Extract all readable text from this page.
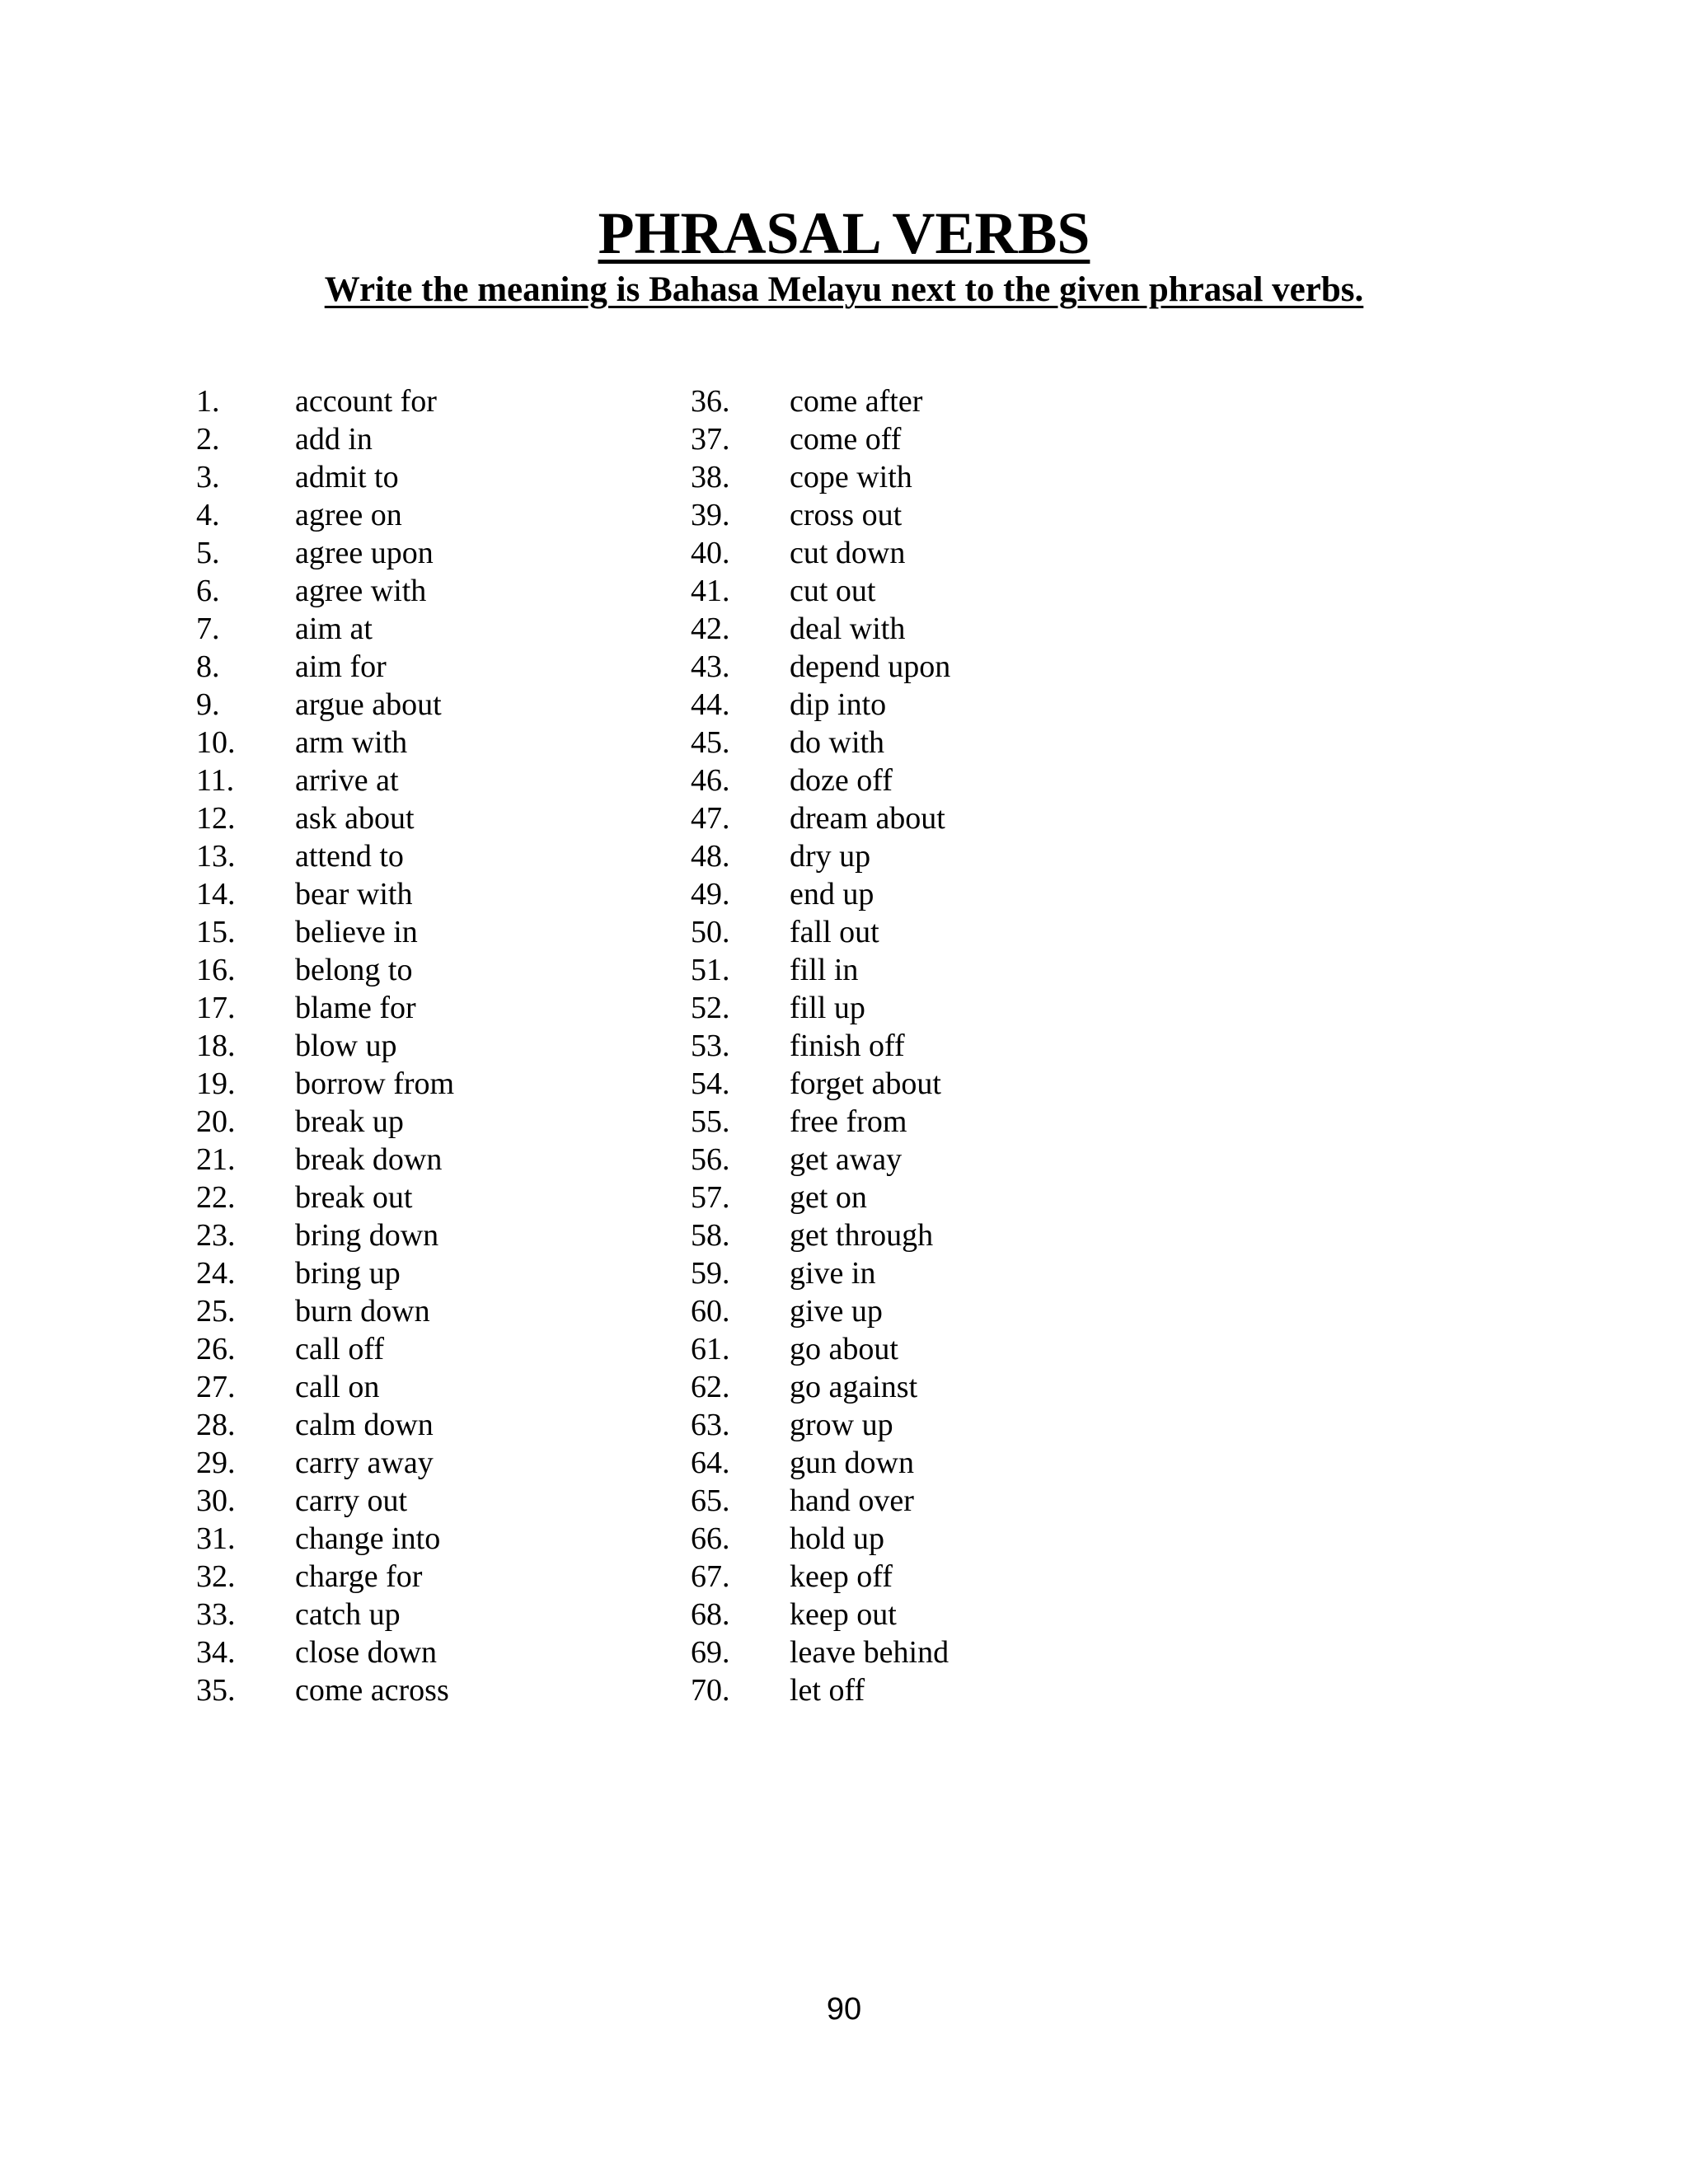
PHRASAL VERBS

Write the meaning is Bahasa Melayu next to the given phrasal verbs.

1. account for
2. add in
3. admit to
4. agree on
5. agree upon
6. agree with
7. aim at
8. aim for
9. argue about
10. arm with
11. arrive at
12. ask about
13. attend to
14. bear with
15. believe in
16. belong to
17. blame for
18. blow up
19. borrow from
20. break up
21. break down
22. break out
23. bring down
24. bring up
25. burn down
26. call off
27. call on
28. calm down
29. carry away
30. carry out
31. change into
32. charge for
33. catch up
34. close down
35. come across
36. come after
37. come off
38. cope with
39. cross out
40. cut down
41. cut out
42. deal with
43. depend upon
44. dip into
45. do with
46. doze off
47. dream about
48. dry up
49. end up
50. fall out
51. fill in
52. fill up
53. finish off
54. forget about
55. free from
56. get away
57. get on
58. get through
59. give in
60. give up
61. go about
62. go against
63. grow up
64. gun down
65. hand over
66. hold up
67. keep off
68. keep out
69. leave behind
70. let off
90
